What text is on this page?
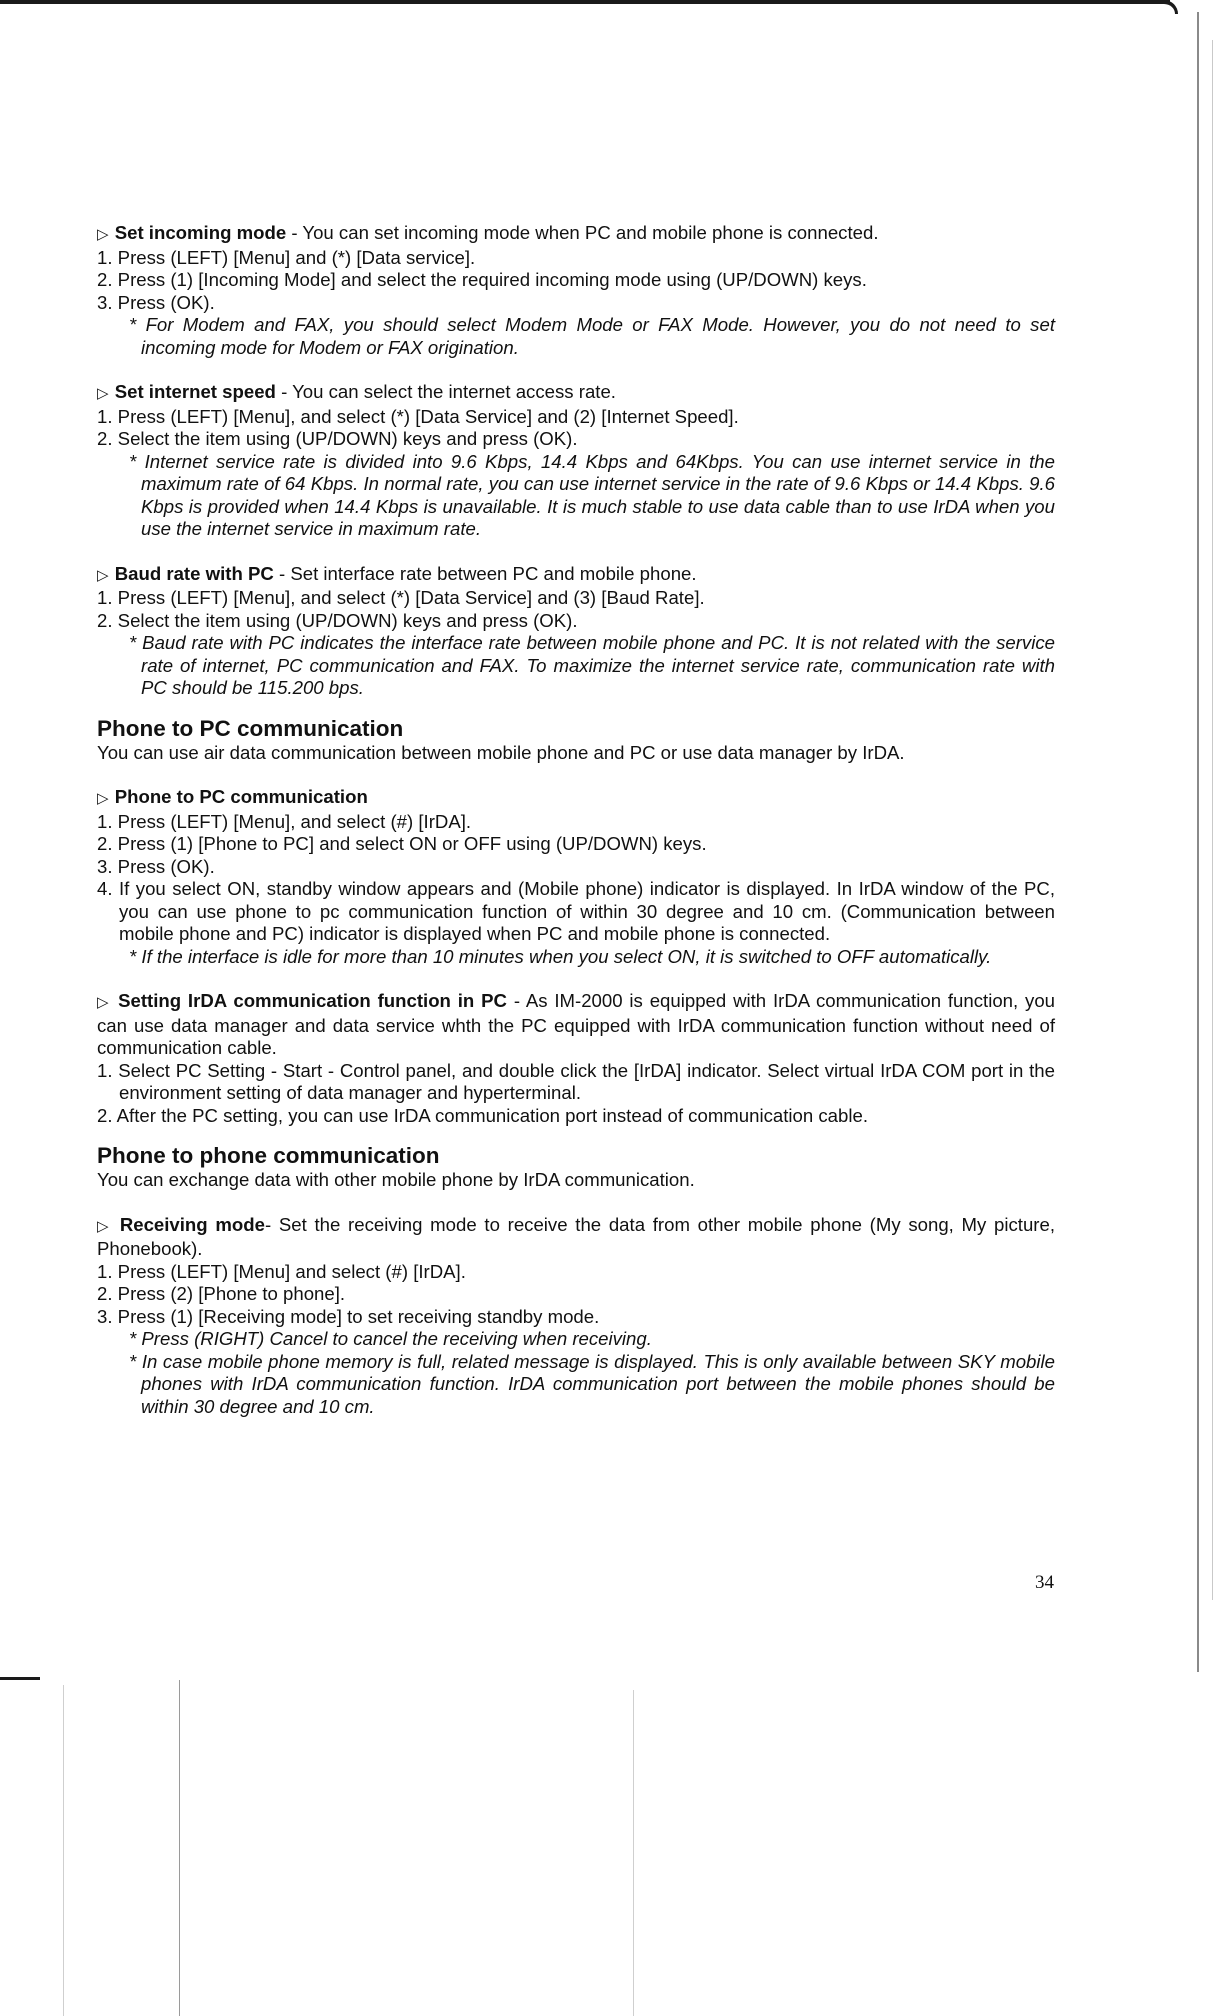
▷ Set incoming mode - You can set incoming mode when PC and mobile phone is connected.

1. Press (LEFT) [Menu] and (*) [Data service].
2. Press (1) [Incoming Mode] and select the required incoming mode using (UP/DOWN) keys.
3. Press (OK).

* For Modem and FAX, you should select Modem Mode or FAX Mode. However, you do not need to set incoming mode for Modem or FAX origination.

▷ Set internet speed - You can select the internet access rate.

1. Press (LEFT) [Menu], and select (*) [Data Service] and (2) [Internet Speed].
2. Select the item using (UP/DOWN) keys and press (OK).

* Internet service rate is divided into 9.6 Kbps, 14.4 Kbps and 64Kbps. You can use internet service in the maximum rate of 64 Kbps. In normal rate, you can use internet service in the rate of 9.6 Kbps or 14.4 Kbps. 9.6 Kbps is provided when 14.4 Kbps is unavailable. It is much stable to use data cable than to use IrDA when you use the internet service in maximum rate.

▷ Baud rate with PC - Set interface rate between PC and mobile phone.

1. Press (LEFT) [Menu], and select (*) [Data Service] and (3) [Baud Rate].
2. Select the item using (UP/DOWN) keys and press (OK).

* Baud rate with PC indicates the interface rate between mobile phone and PC. It is not related with the service rate of internet, PC communication and FAX. To maximize the internet service rate, communication rate with PC should be 115.200 bps.

Phone to PC communication

You can use air data communication between mobile phone and PC or use data manager by IrDA.

▷ Phone to PC communication

1. Press (LEFT) [Menu], and select (#) [IrDA].
2. Press (1) [Phone to PC] and select ON or OFF using (UP/DOWN) keys.
3. Press (OK).
4. If you select ON, standby window appears and (Mobile phone) indicator is displayed. In IrDA window of the PC, you can use phone to pc communication function of within 30 degree and 10 cm. (Communication between mobile phone and PC) indicator is displayed when PC and mobile phone is connected.

* If the interface is idle for more than 10 minutes when you select ON, it is switched to OFF automatically.

▷ Setting IrDA communication function in PC - As IM-2000 is equipped with IrDA communication function, you can use data manager and data service whth the PC equipped with IrDA communication function without need of communication cable.

1. Select PC Setting - Start - Control panel, and double click the [IrDA] indicator. Select virtual IrDA COM port in the environment setting of data manager and hyperterminal.
2. After the PC setting, you can use IrDA communication port instead of communication cable.

Phone to phone communication

You can exchange data with other mobile phone by IrDA communication.

▷ Receiving mode- Set the receiving mode to receive the data from other mobile phone (My song, My picture, Phonebook).

1. Press (LEFT) [Menu] and select (#) [IrDA].
2. Press (2) [Phone to phone].
3. Press (1) [Receiving mode] to set receiving standby mode.

* Press (RIGHT) Cancel to cancel the receiving when receiving.

* In case mobile phone memory is full, related message is displayed. This is only available between SKY mobile phones with IrDA communication function. IrDA communication port between the mobile phones should be within 30 degree and 10 cm.

34
